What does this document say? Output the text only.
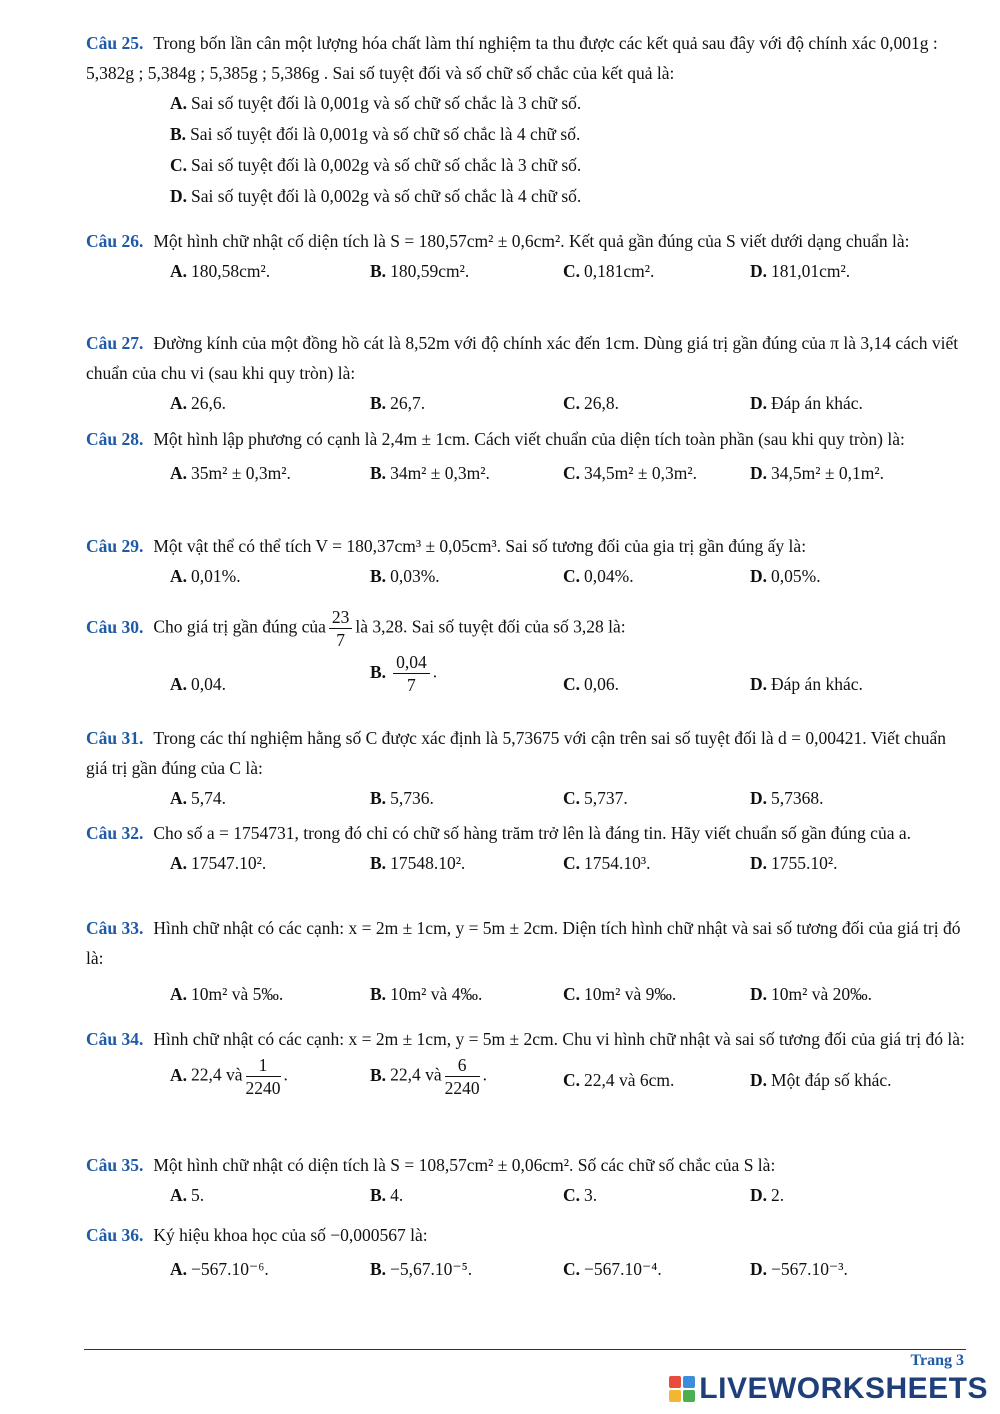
Câu 25. Trong bốn lần cân một lượng hóa chất làm thí nghiệm ta thu được các kết quả sau đây với độ chính xác 0,001g : 5,382g ; 5,384g ; 5,385g ; 5,386g . Sai số tuyệt đối và số chữ số chắc của kết quả là:
A. Sai số tuyệt đối là 0,001g và số chữ số chắc là 3 chữ số.
B. Sai số tuyệt đối là 0,001g và số chữ số chắc là 4 chữ số.
C. Sai số tuyệt đối là 0,002g và số chữ số chắc là 3 chữ số.
D. Sai số tuyệt đối là 0,002g và số chữ số chắc là 4 chữ số.
Câu 26. Một hình chữ nhật cố diện tích là S = 180,57cm² ± 0,6cm². Kết quả gần đúng của S viết dưới dạng chuẩn là:
A. 180,58cm².	B. 180,59cm².	C. 0,181cm².	D. 181,01cm².
Câu 27. Đường kính của một đồng hồ cát là 8,52m với độ chính xác đến 1cm. Dùng giá trị gần đúng của π là 3,14 cách viết chuẩn của chu vi (sau khi quy tròn) là:
A. 26,6.	B. 26,7.	C. 26,8.	D. Đáp án khác.
Câu 28. Một hình lập phương có cạnh là 2,4m ± 1cm. Cách viết chuẩn của diện tích toàn phần (sau khi quy tròn) là:
A. 35m² ± 0,3m².	B. 34m² ± 0,3m².	C. 34,5m² ± 0,3m².	D. 34,5m² ± 0,1m².
Câu 29. Một vật thể có thể tích V = 180,37cm³ ± 0,05cm³. Sai số tương đối của gia trị gần đúng ấy là:
A. 0,01%.	B. 0,03%.	C. 0,04%.	D. 0,05%.
Câu 30. Cho giá trị gần đúng của $\frac{23}{7}$ là 3,28. Sai số tuyệt đối của số 3,28 là:
A. 0,04.
B. $\frac{0,04}{7}$ .
C. 0,06.	D. Đáp án khác.
Câu 31. Trong các thí nghiệm hằng số C được xác định là 5,73675 với cận trên sai số tuyệt đối là d = 0,00421. Viết chuẩn giá trị gần đúng của C là:
A. 5,74.	B. 5,736.	C. 5,737.	D. 5,7368.
Câu 32. Cho số a = 1754731, trong đó chỉ có chữ số hàng trăm trở lên là đáng tin. Hãy viết chuẩn số gần đúng của a.
A. 17547.10².	B. 17548.10².	C. 1754.10³.	D. 1755.10².
Câu 33. Hình chữ nhật có các cạnh: x = 2m ± 1cm, y = 5m ± 2cm. Diện tích hình chữ nhật và sai số tương đối của giá trị đó là:
A. 10m² và 5‰.	B. 10m² và 4‰.	C. 10m² và 9‰.	D. 10m² và 20‰.
Câu 34. Hình chữ nhật có các cạnh: x = 2m ± 1cm, y = 5m ± 2cm. Chu vi hình chữ nhật và sai số tương đối của giá trị đó là:
A. 22,4 và $\frac{1}{2240}$ .	B. 22,4 và $\frac{6}{2240}$ .	C. 22,4 và 6cm.	D. Một đáp số khác.
Câu 35. Một hình chữ nhật có diện tích là S = 108,57cm² ± 0,06cm². Số các chữ số chắc của S là:
A. 5.	B. 4.	C. 3.	D. 2.
Câu 36. Ký hiệu khoa học của số −0,000567 là:
A. −567.10⁻⁶.	B. −5,67.10⁻⁵.	C. −567.10⁻⁴.	D. −567.10⁻³.
Trang 3
LIVEWORKSHEETS
